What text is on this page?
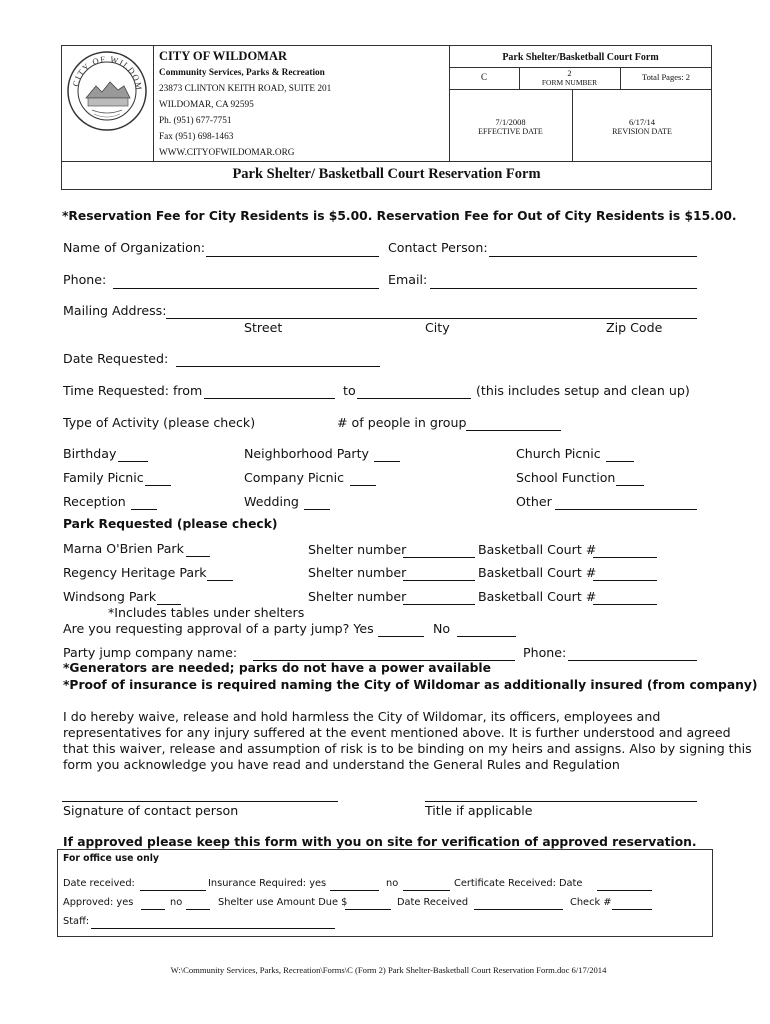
CITY OF WILDOM
CITY OF WILDOMAR
Community Services, Parks & Recreation
23873 CLINTON KEITH ROAD, SUITE 201
WILDOMAR, CA 92595
Ph. (951) 677-7751
Fax (951) 698-1463
WWW.CITYOFWILDOMAR.ORG
Park Shelter/Basketball Court Form
C	2
FORM NUMBER
Total Pages: 2
7/1/2008
EFFECTIVE DATE
6/17/14
REVISION DATE
Park Shelter/ Basketball Court Reservation Form
*Reservation Fee for City Residents is $5.00. Reservation Fee for Out of City Residents is $15.00.
Name of Organization:	Contact Person:
Phone:	Email:
Mailing Address:
Street	City	Zip Code
Date Requested:
Time Requested: from	to	(this includes setup and clean up)
Type of Activity (please check)	# of people in group
Birthday	Neighborhood Party	Church Picnic
Family Picnic	Company Picnic	School Function
Reception	Wedding	Other
Park Requested (please check)
Marna O'Brien Park	Shelter number	Basketball Court #
Regency Heritage Park	Shelter number	Basketball Court #
Windsong Park	Shelter number	Basketball Court #
*Includes tables under shelters
Are you requesting approval of a party jump? Yes	No
Party jump company name:	Phone:
*Generators are needed; parks do not have a power available
*Proof of insurance is required naming the City of Wildomar as additionally insured (from company)
I do hereby waive, release and hold harmless the City of Wildomar, its officers, employees and
representatives for any injury suffered at the event mentioned above. It is further understood and agreed
that this waiver, release and assumption of risk is to be binding on my heirs and assigns. Also by signing this
form you acknowledge you have read and understand the General Rules and Regulation
Signature of contact person	Title if applicable
If approved please keep this form with you on site for verification of approved reservation.
For office use only
Date received:	Insurance Required: yes	no	Certificate Received: Date
Approved: yes	no	Shelter use Amount Due $	Date Received	Check #
Staff:
W:\Community Services, Parks, Recreation\Forms\C (Form 2) Park Shelter-Basketball Court Reservation Form.doc 6/17/2014
